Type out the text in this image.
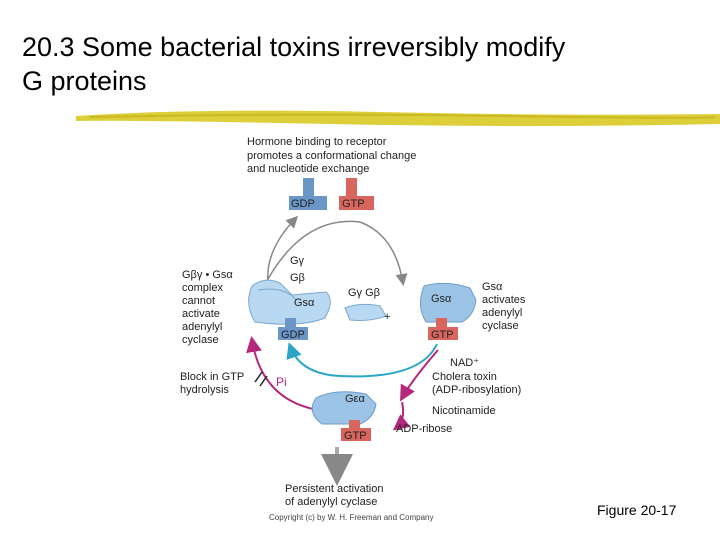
20.3 Some bacterial toxins irreversibly modify
G proteins
Hormone binding to receptor
promotes a conformational change
and nucleotide exchange
GDP GTP
GDP
Gγ
Gβ
Gsα
Gγ Gβ
+
GTP
Gsα
Gβγ • Gsα
complex
cannot
activate
adenylyl
cyclase
Gsα
activates
adenylyl
cyclase
Pi
NAD⁺
Cholera toxin
(ADP-ribosylation)
Nicotinamide
ADP-ribose
GTP
Gεα
Block in GTP
hydrolysis
Persistent activation
of adenylyl cyclase
Copyright (c) by W. H. Freeman and Company	Figure 20-17
